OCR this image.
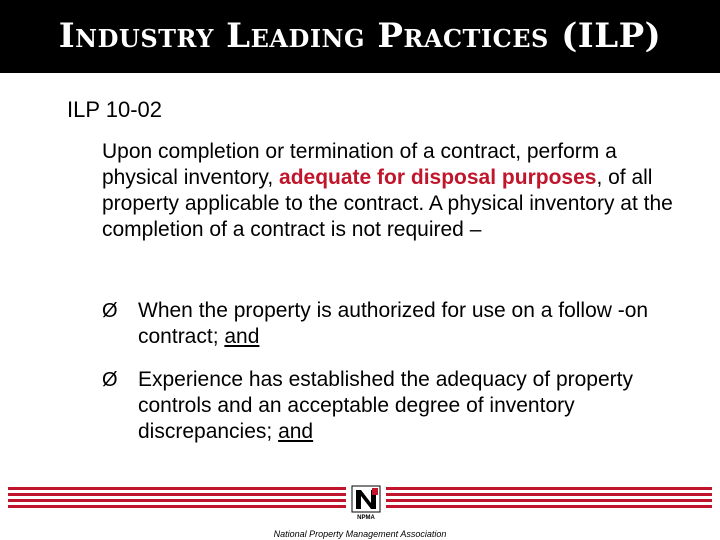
Industry Leading Practices (ILP)
ILP 10-02
Upon completion or termination of a contract, perform a physical inventory, adequate for disposal purposes, of all property applicable to the contract. A physical inventory at the completion of a contract is not required –
Ø When the property is authorized for use on a follow -on contract; and
Ø Experience has established the adequacy of property controls and an acceptable degree of inventory discrepancies; and
NPMA
National Property Management Association
